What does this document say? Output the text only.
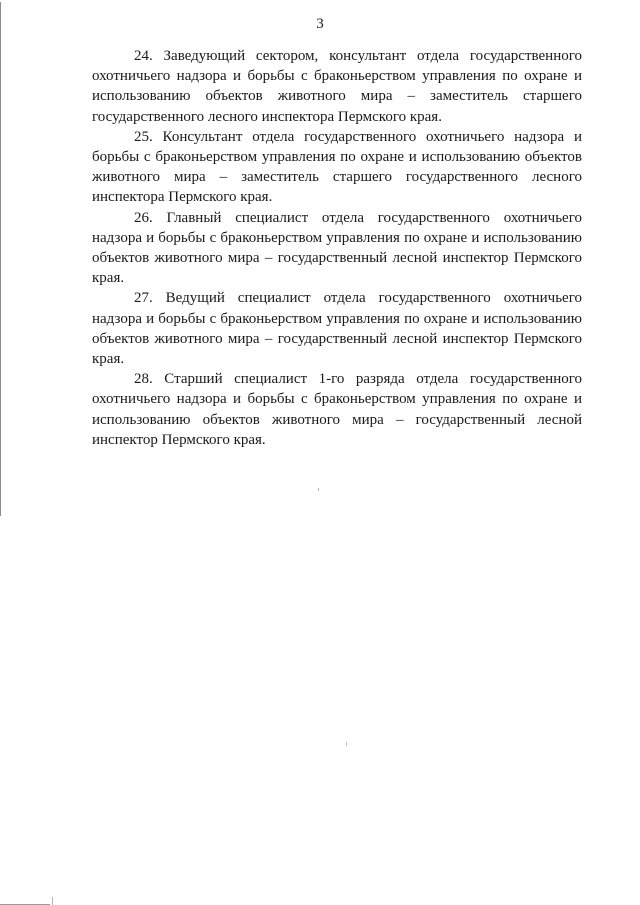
3

24. Заведующий сектором, консультант отдела государственного охотничьего надзора и борьбы с браконьерством управления по охране и использованию объектов животного мира – заместитель старшего государственного лесного инспектора Пермского края.

25. Консультант отдела государственного охотничьего надзора и борьбы с браконьерством управления по охране и использованию объектов животного мира – заместитель старшего государственного лесного инспектора Пермского края.

26. Главный специалист отдела государственного охотничьего надзора и борьбы с браконьерством управления по охране и использованию объектов животного мира – государственный лесной инспектор Пермского края.

27. Ведущий специалист отдела государственного охотничьего надзора и борьбы с браконьерством управления по охране и использованию объектов животного мира – государственный лесной инспектор Пермского края.

28. Старший специалист 1-го разряда отдела государственного охотничьего надзора и борьбы с браконьерством управления по охране и использованию объектов животного мира – государственный лесной инспектор Пермского края.
